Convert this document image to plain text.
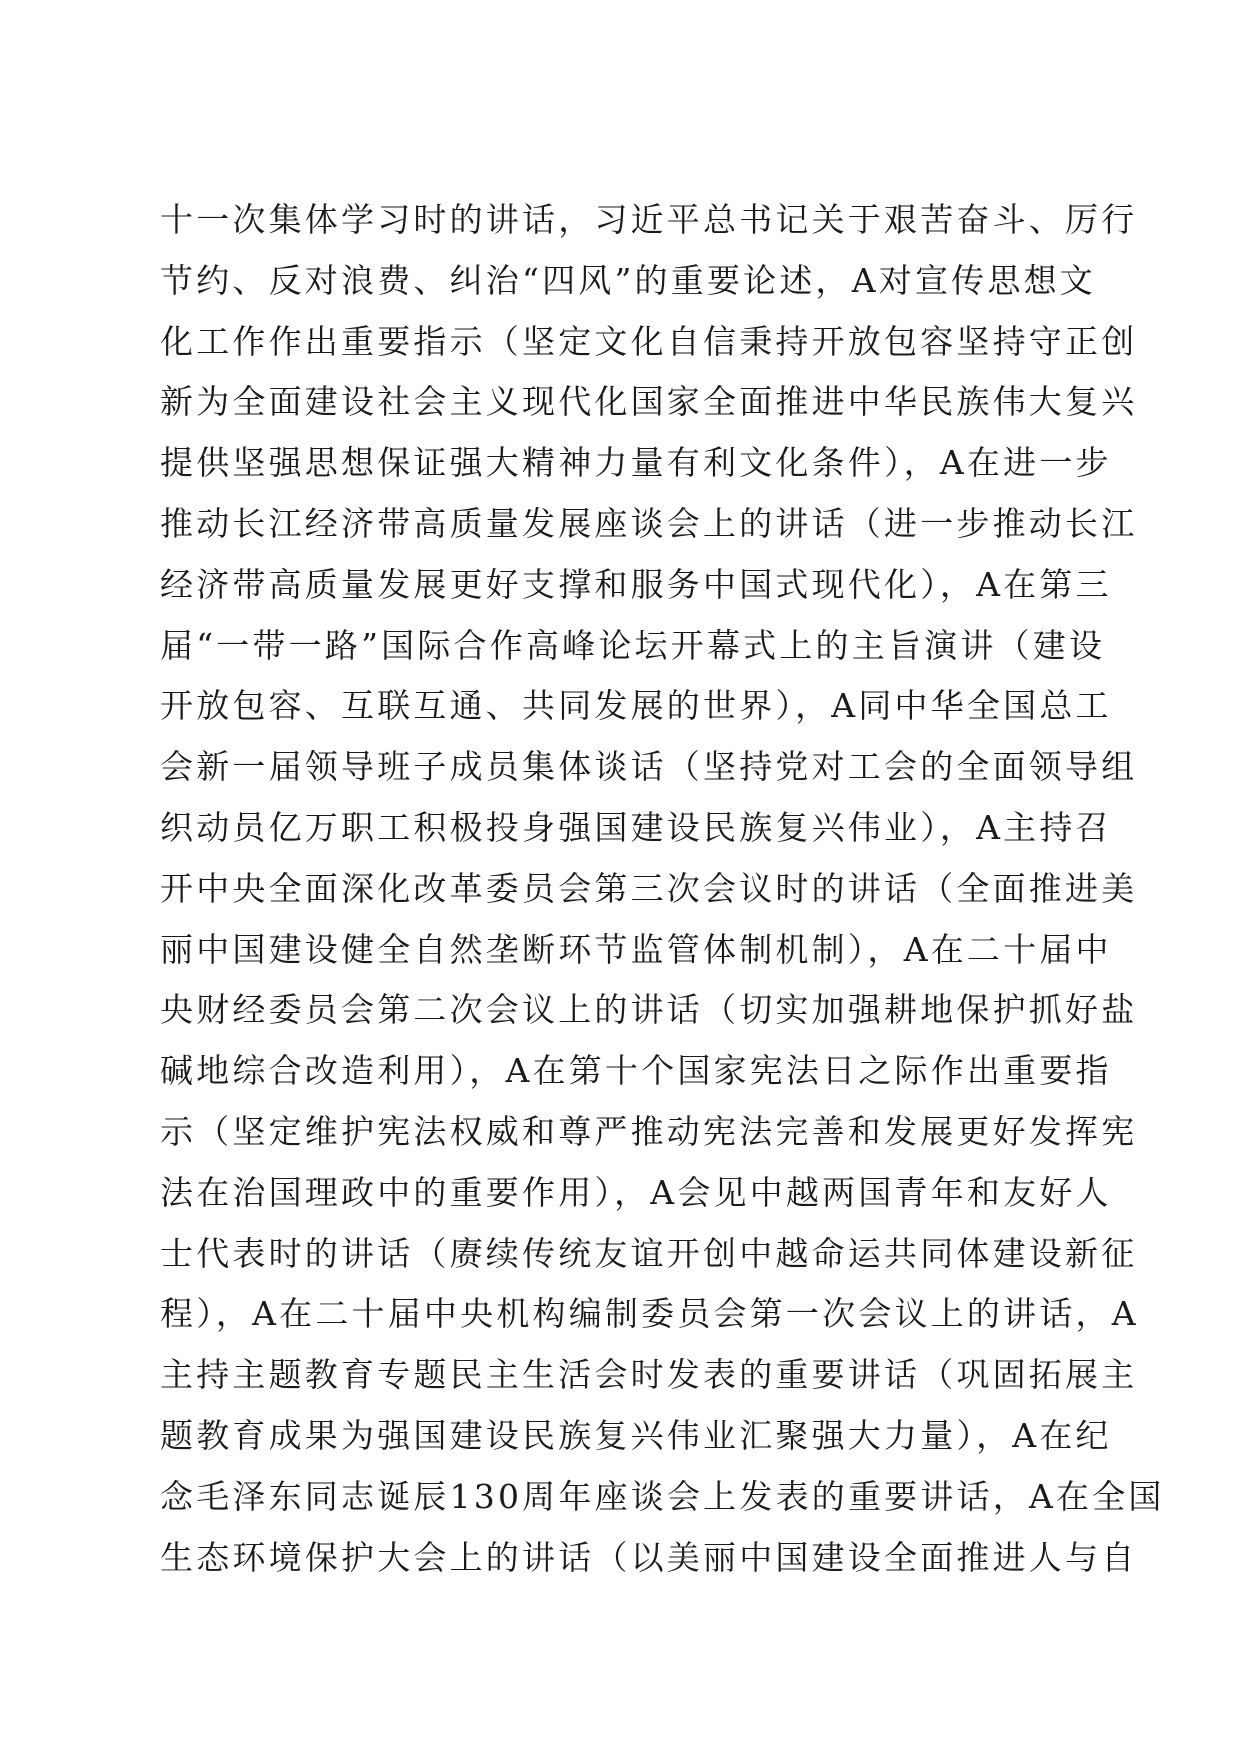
十一次集体学习时的讲话，习近平总书记关于艰苦奋斗、厉行
节约、反对浪费、纠治“四风”的重要论述，A对宣传思想文
化工作作出重要指示（坚定文化自信秉持开放包容坚持守正创
新为全面建设社会主义现代化国家全面推进中华民族伟大复兴
提供坚强思想保证强大精神力量有利文化条件），A在进一步
推动长江经济带高质量发展座谈会上的讲话（进一步推动长江
经济带高质量发展更好支撑和服务中国式现代化），A在第三
届“一带一路”国际合作高峰论坛开幕式上的主旨演讲（建设
开放包容、互联互通、共同发展的世界），A同中华全国总工
会新一届领导班子成员集体谈话（坚持党对工会的全面领导组
织动员亿万职工积极投身强国建设民族复兴伟业），A主持召
开中央全面深化改革委员会第三次会议时的讲话（全面推进美
丽中国建设健全自然垄断环节监管体制机制），A在二十届中
央财经委员会第二次会议上的讲话（切实加强耕地保护抓好盐
碱地综合改造利用），A在第十个国家宪法日之际作出重要指
示（坚定维护宪法权威和尊严推动宪法完善和发展更好发挥宪
法在治国理政中的重要作用），A会见中越两国青年和友好人
士代表时的讲话（赓续传统友谊开创中越命运共同体建设新征
程），A在二十届中央机构编制委员会第一次会议上的讲话，A
主持主题教育专题民主生活会时发表的重要讲话（巩固拓展主
题教育成果为强国建设民族复兴伟业汇聚强大力量），A在纪
念毛泽东同志诞辰130周年座谈会上发表的重要讲话，A在全国
生态环境保护大会上的讲话（以美丽中国建设全面推进人与自
